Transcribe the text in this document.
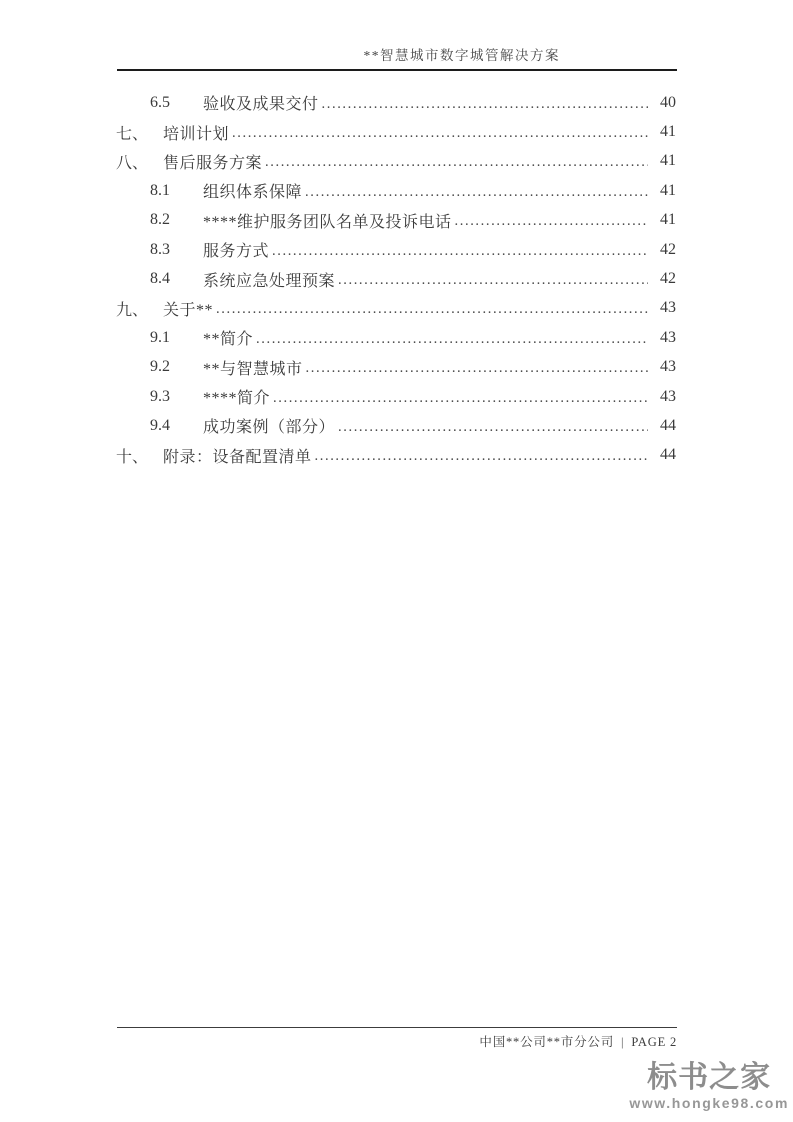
**智慧城市数字城管解决方案
6.5	验收及成果交付 .....	40
七、 培训计划 .....	41
八、 售后服务方案 .....	41
8.1	组织体系保障 .....	41
8.2	****维护服务团队名单及投诉电话 .....	41
8.3	服务方式 .....	42
8.4	系统应急处理预案 .....	42
九、 关于** .....	43
9.1	**简介 .....	43
9.2	**与智慧城市 .....	43
9.3	****简介 .....	43
9.4	成功案例（部分） .....	44
十、 附录：设备配置清单 .....	44
中国**公司**市分公司 | PAGE 2
标书之家
www.hongke98.com
